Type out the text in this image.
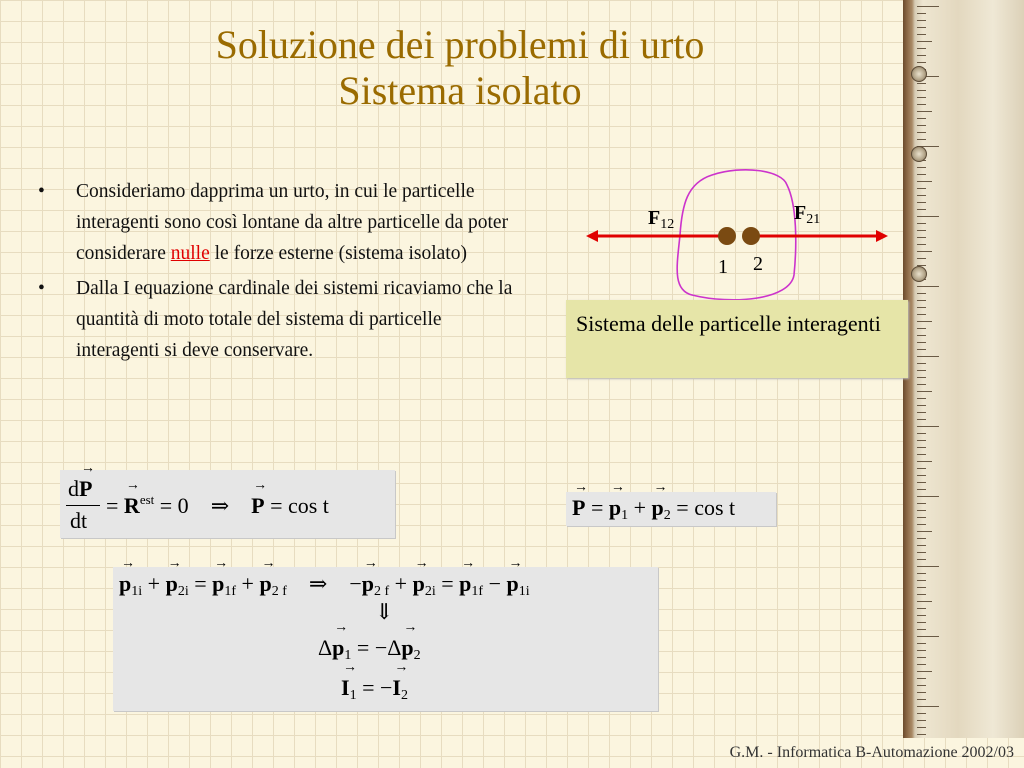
Soluzione dei problemi di urto
Sistema isolato
• Consideriamo dapprima un urto, in cui le particelle interagenti sono così lontane da altre particelle da poter considerare nulle le forze esterne (sistema isolato)
• Dalla I equazione cardinale dei sistemi ricaviamo che la quantità di moto totale del sistema di particelle interagenti si deve conservare.
$F_{12}$
$F_{21}$
1 2
Sistema delle particelle interagenti
d→ P
dt
= → $R^{est} = 0$ ⇒ → P = cos t	→ P = → $p_1$ + → $p_2 = \cos t$
→ $p_{1i}$ + → $p_{2i}$ = → $p_{1f}$ + → $p_{2 f}$ ⇒ −→ $p_{2 f}$ + → $p_{2i}$ = → $p_{1f}$ − → $p_{1i}$
⇓
$\Delta\to p_1 = -\Delta\to p_2$
→ $I_1$ = −→ $I_2$
G.M. - Informatica B-Automazione 2002/03
